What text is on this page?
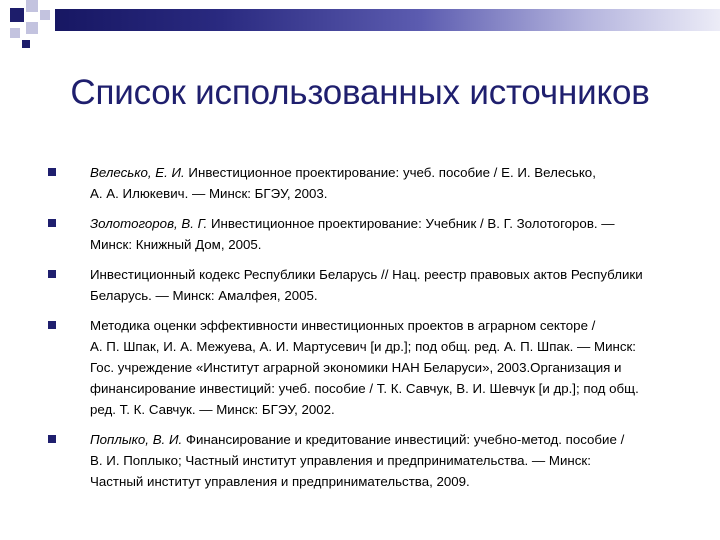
Список использованных источников
Велесько, Е. И. Инвестиционное проектирование: учеб. пособие / Е. И. Велесько,
А. А. Илюкевич. — Минск: БГЭУ, 2003.
Золотогоров, В. Г. Инвестиционное проектирование: Учебник / В. Г. Золотогоров. —
Минск: Книжный Дом, 2005.
Инвестиционный кодекс Республики Беларусь // Нац. реестр правовых актов Республики
Беларусь. — Минск: Амалфея, 2005.
Методика оценки эффективности инвестиционных проектов в аграрном секторе /
А. П. Шпак, И. А. Межуева, А. И. Мартусевич [и др.]; под общ. ред. А. П. Шпак. — Минск:
Гос. учреждение «Институт аграрной экономики НАН Беларуси», 2003.Организация и
финансирование инвестиций: учеб. пособие / Т. К. Савчук, В. И. Шевчук [и др.]; под общ.
ред. Т. К. Савчук. — Минск: БГЭУ, 2002.
Поплыко, В. И. Финансирование и кредитование инвестиций: учебно-метод. пособие /
В. И. Поплыко; Частный институт управления и предпринимательства. — Минск:
Частный институт управления и предпринимательства, 2009.
